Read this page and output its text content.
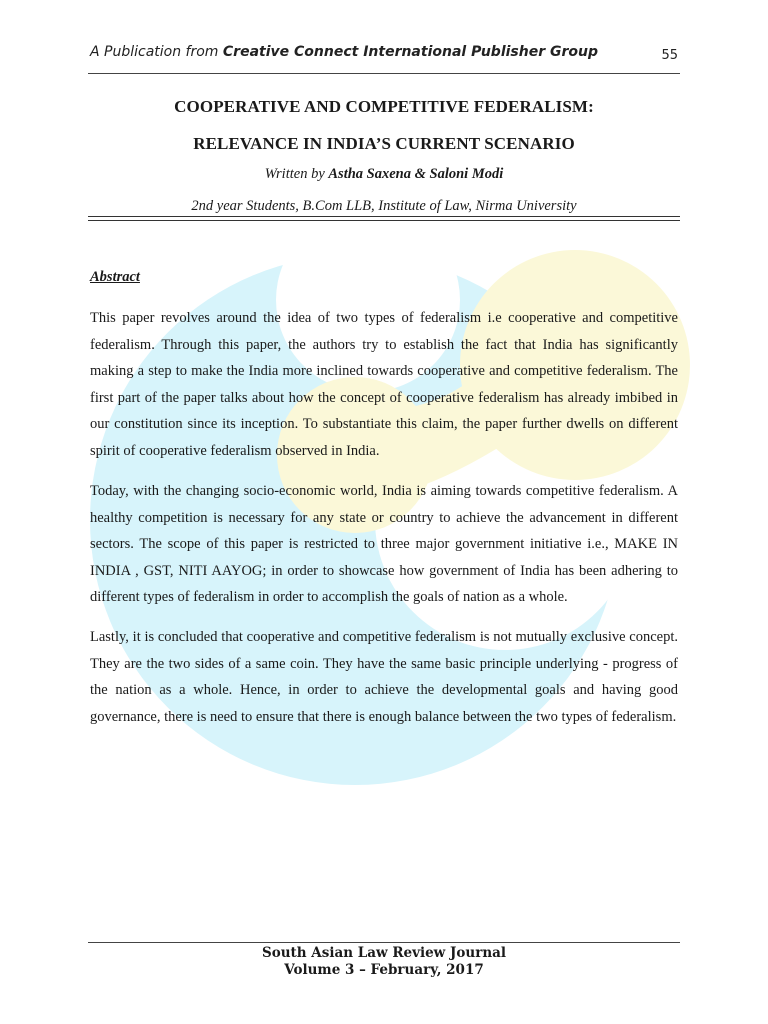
A Publication from Creative Connect International Publisher Group	55
COOPERATIVE AND COMPETITIVE FEDERALISM:
RELEVANCE IN INDIA’S CURRENT SCENARIO
Written by Astha Saxena & Saloni Modi
2nd year Students, B.Com LLB, Institute of Law, Nirma University
Abstract

This paper revolves around the idea of two types of federalism i.e cooperative and competitive federalism. Through this paper, the authors try to establish the fact that India has significantly making a step to make the India more inclined towards cooperative and competitive federalism. The first part of the paper talks about how the concept of cooperative federalism has already imbibed in our constitution since its inception. To substantiate this claim, the paper further dwells on different spirit of cooperative federalism observed in India.

Today, with the changing socio-economic world, India is aiming towards competitive federalism. A healthy competition is necessary for any state or country to achieve the advancement in different sectors. The scope of this paper is restricted to three major government initiative i.e., MAKE IN INDIA , GST, NITI AAYOG; in order to showcase how government of India has been adhering to different types of federalism in order to accomplish the goals of nation as a whole.

Lastly, it is concluded that cooperative and competitive federalism is not mutually exclusive concept. They are the two sides of a same coin. They have the same basic principle underlying - progress of the nation as a whole. Hence, in order to achieve the developmental goals and having good governance, there is need to ensure that there is enough balance between the two types of federalism.

South Asian Law Review Journal
Volume 3 – February, 2017
